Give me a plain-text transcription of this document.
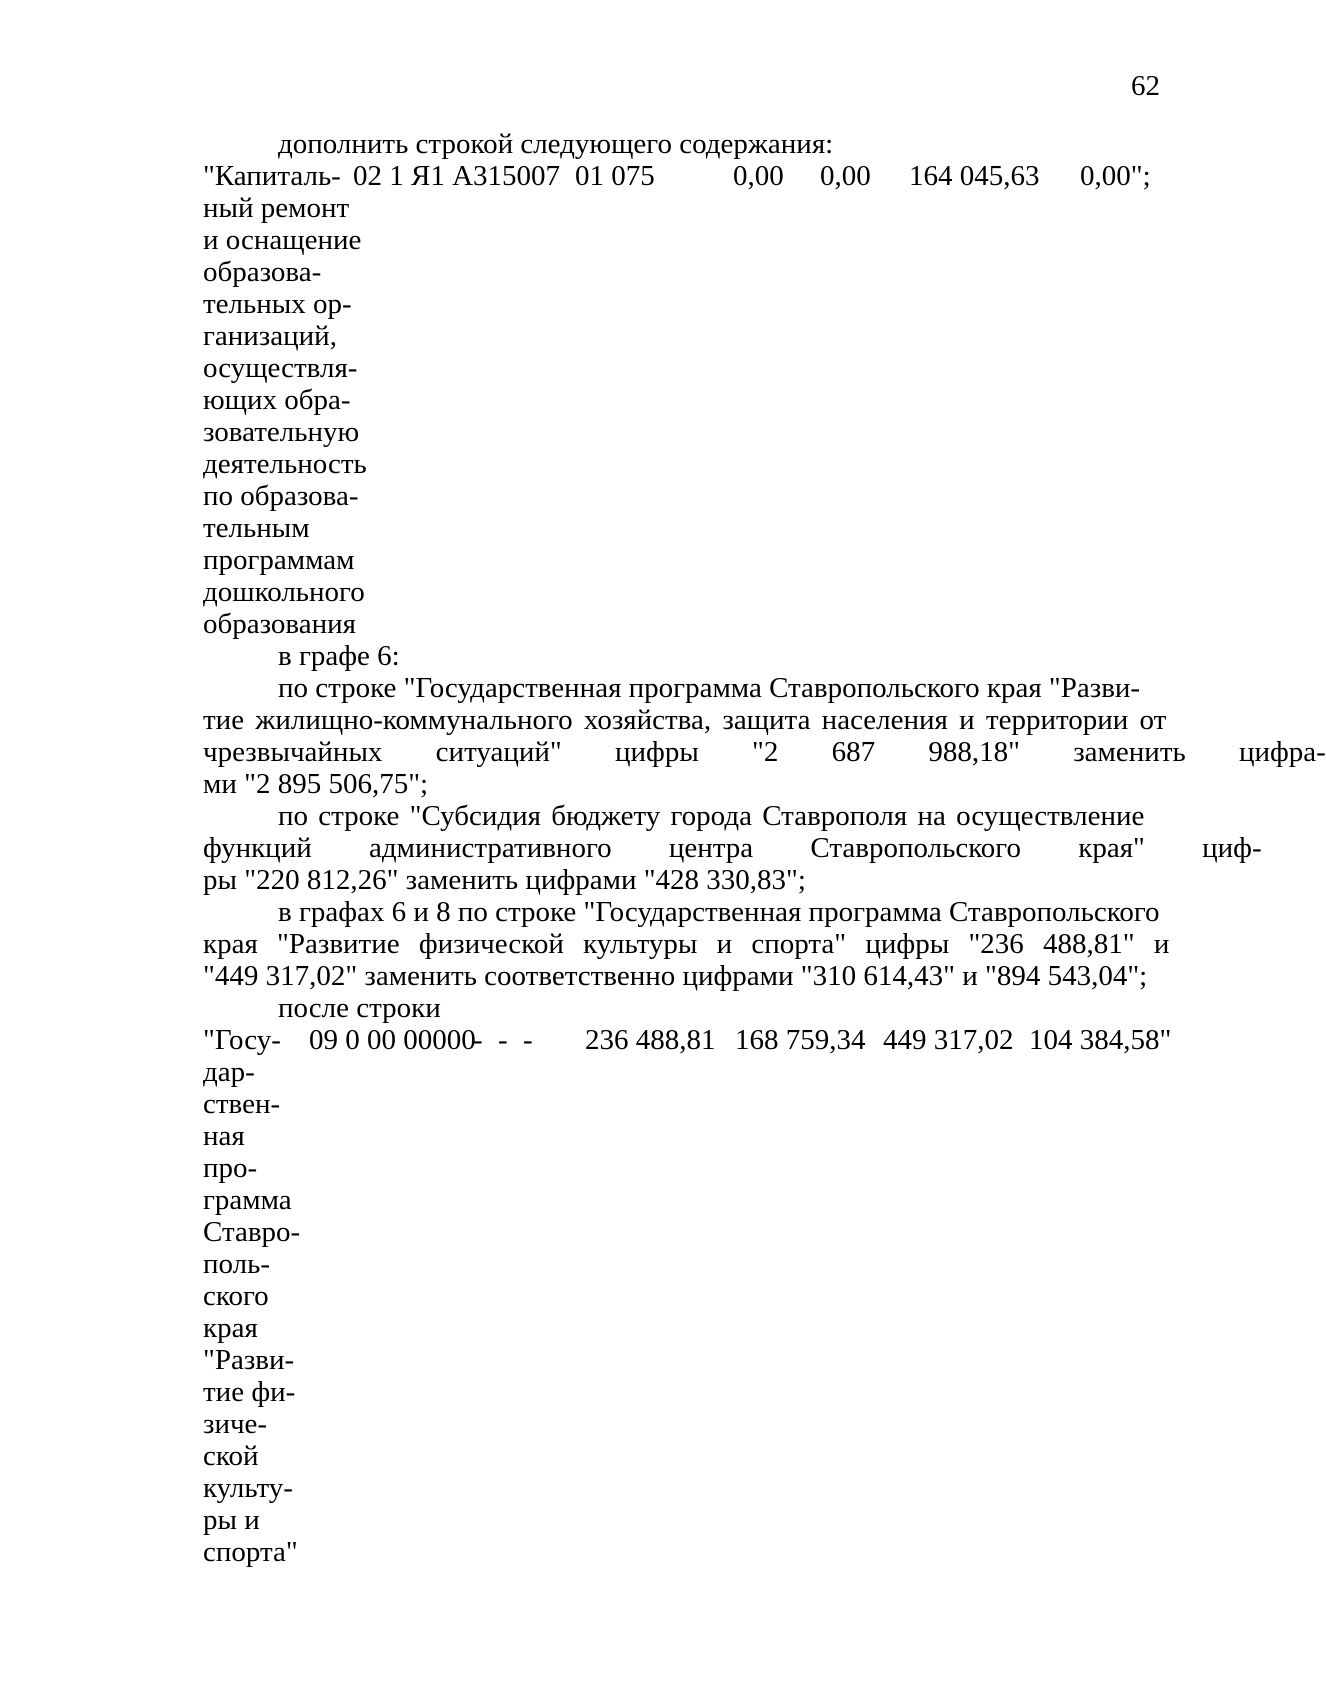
62
дополнить строкой следующего содержания:
"Капиталь- 02 1 Я1 А315007 01 075	0,00 0,00 164 045,63 0,00";
ный ремонт
и оснащение
образова-
тельных ор-
ганизаций,
осуществля-
ющих обра-
зовательную
деятельность
по образова-
тельным
программам
дошкольного
образования
в графе 6:
по строке "Государственная программа Ставропольского края "Разви-
тие жилищно-коммунального хозяйства, защита населения и территории от
чрезвычайных ситуаций" цифры "2 687 988,18" заменить цифра-
ми "2 895 506,75";
по строке "Субсидия бюджету города Ставрополя на осуществление
функций административного центра Ставропольского края" циф-
ры "220 812,26" заменить цифрами "428 330,83";
в графах 6 и 8 по строке "Государственная программа Ставропольского
края "Развитие физической культуры и спорта" цифры "236 488,81" и
"449 317,02" заменить соответственно цифрами "310 614,43" и "894 543,04";
после строки
"Госу- 09 0 00 00000
- - - 236 488,81 168 759,34 449 317,02 104 384,58"
дар-
ствен-
ная
про-
грамма
Ставро-
поль-
ского
края
"Разви-
тие фи-
зиче-
ской
культу-
ры и
спорта"
